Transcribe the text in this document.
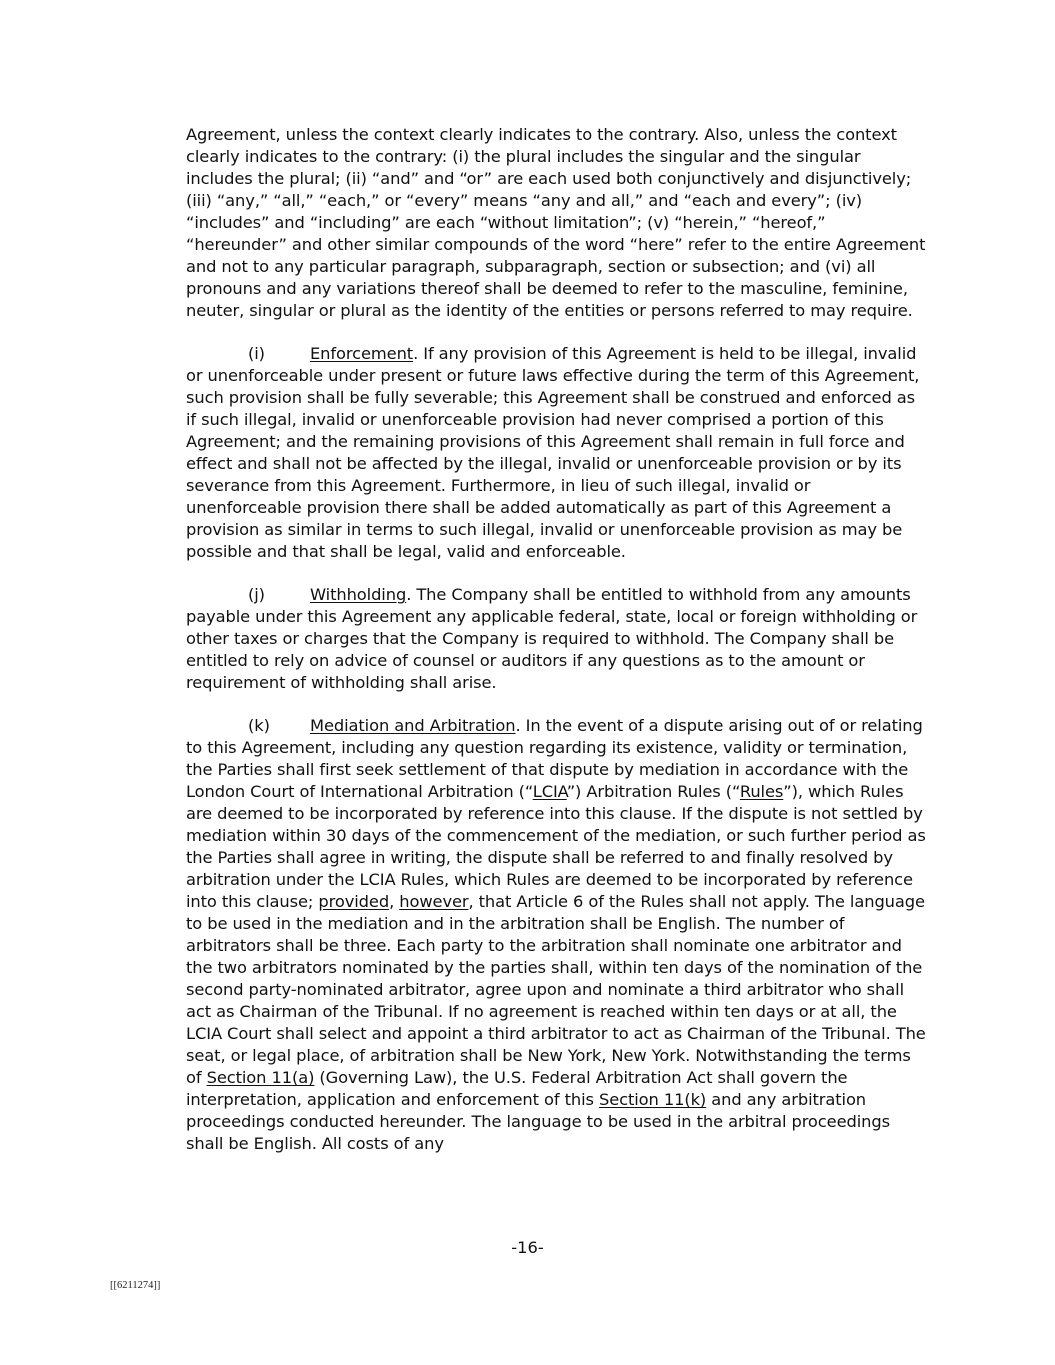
Agreement, unless the context clearly indicates to the contrary. Also, unless the context clearly indicates to the contrary: (i) the plural includes the singular and the singular includes the plural; (ii) “and” and “or” are each used both conjunctively and disjunctively; (iii) “any,” “all,” “each,” or “every” means “any and all,” and “each and every”; (iv) “includes” and “including” are each “without limitation”; (v) “herein,” “hereof,” “hereunder” and other similar compounds of the word “here” refer to the entire Agreement and not to any particular paragraph, subparagraph, section or subsection; and (vi) all pronouns and any variations thereof shall be deemed to refer to the masculine, feminine, neuter, singular or plural as the identity of the entities or persons referred to may require.

(i)	Enforcement. If any provision of this Agreement is held to be illegal, invalid or unenforceable under present or future laws effective during the term of this Agreement, such provision shall be fully severable; this Agreement shall be construed and enforced as if such illegal, invalid or unenforceable provision had never comprised a portion of this Agreement; and the remaining provisions of this Agreement shall remain in full force and effect and shall not be affected by the illegal, invalid or unenforceable provision or by its severance from this Agreement. Furthermore, in lieu of such illegal, invalid or unenforceable provision there shall be added automatically as part of this Agreement a provision as similar in terms to such illegal, invalid or unenforceable provision as may be possible and that shall be legal, valid and enforceable.

(j)	Withholding. The Company shall be entitled to withhold from any amounts payable under this Agreement any applicable federal, state, local or foreign withholding or other taxes or charges that the Company is required to withhold. The Company shall be entitled to rely on advice of counsel or auditors if any questions as to the amount or requirement of withholding shall arise.

(k) Mediation and Arbitration. In the event of a dispute arising out of or relating to this Agreement, including any question regarding its existence, validity or termination, the Parties shall first seek settlement of that dispute by mediation in accordance with the London Court of International Arbitration (“LCIA”) Arbitration Rules (“Rules”), which Rules are deemed to be incorporated by reference into this clause. If the dispute is not settled by mediation within 30 days of the commencement of the mediation, or such further period as the Parties shall agree in writing, the dispute shall be referred to and finally resolved by arbitration under the LCIA Rules, which Rules are deemed to be incorporated by reference into this clause; provided, however, that Article 6 of the Rules shall not apply. The language to be used in the mediation and in the arbitration shall be English. The number of arbitrators shall be three. Each party to the arbitration shall nominate one arbitrator and the two arbitrators nominated by the parties shall, within ten days of the nomination of the second party-nominated arbitrator, agree upon and nominate a third arbitrator who shall act as Chairman of the Tribunal. If no agreement is reached within ten days or at all, the LCIA Court shall select and appoint a third arbitrator to act as Chairman of the Tribunal. The seat, or legal place, of arbitration shall be New York, New York. Notwithstanding the terms of Section 11(a) (Governing Law), the U.S. Federal Arbitration Act shall govern the interpretation, application and enforcement of this Section 11(k) and any arbitration proceedings conducted hereunder. The language to be used in the arbitral proceedings shall be English. All costs of any

-16-
[[6211274]]
